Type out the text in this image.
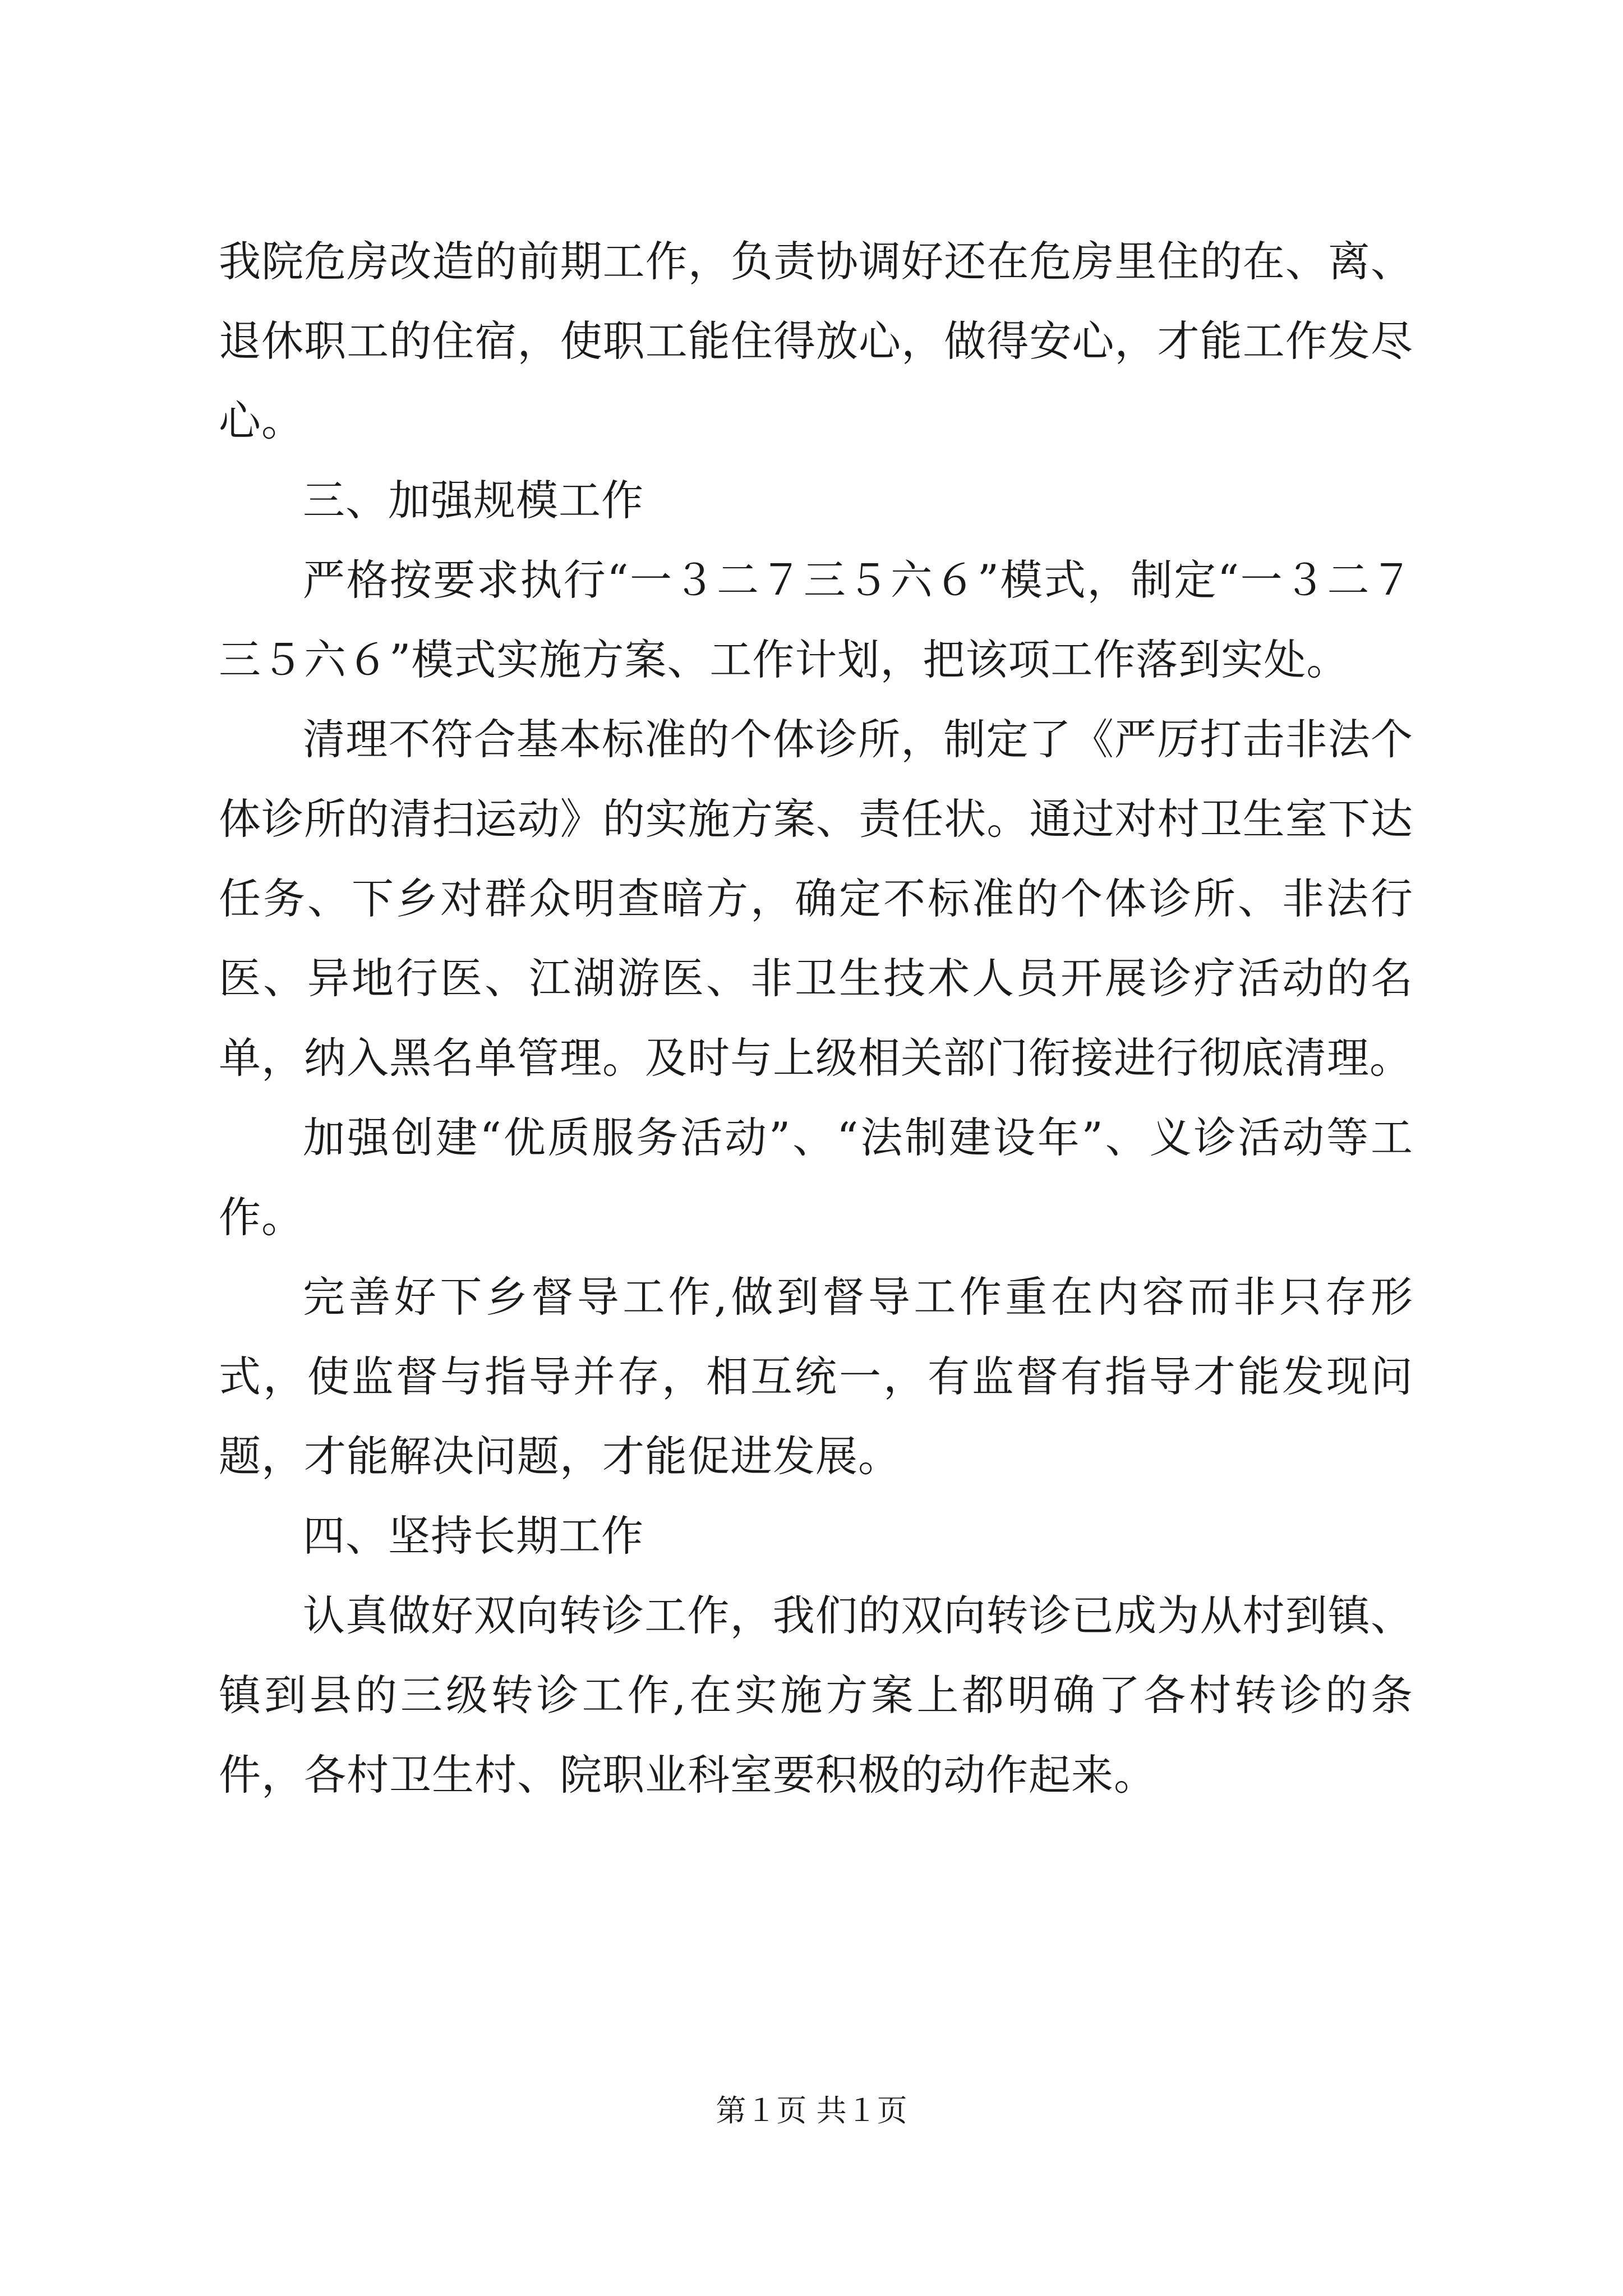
我院危房改造的前期工作，负责协调好还在危房里住的在、离、退休职工的住宿，使职工能住得放心，做得安心，才能工作发尽心。

三、加强规模工作

严格按要求执行“一３二７三５六６”模式，制定“一３二７三５六６”模式实施方案、工作计划，把该项工作落到实处。

清理不符合基本标准的个体诊所，制定了《严厉打击非法个体诊所的清扫运动》的实施方案、责任状。通过对村卫生室下达任务、下乡对群众明查暗方，确定不标准的个体诊所、非法行医、异地行医、江湖游医、非卫生技术人员开展诊疗活动的名单，纳入黑名单管理。及时与上级相关部门衔接进行彻底清理。

加强创建“优质服务活动”、“法制建设年”、义诊活动等工作。

完善好下乡督导工作,做到督导工作重在内容而非只存形式，使监督与指导并存，相互统一，有监督有指导才能发现问题，才能解决问题，才能促进发展。

四、坚持长期工作

认真做好双向转诊工作，我们的双向转诊已成为从村到镇、镇到县的三级转诊工作,在实施方案上都明确了各村转诊的条件，各村卫生村、院职业科室要积极的动作起来。

第１页 共１页
